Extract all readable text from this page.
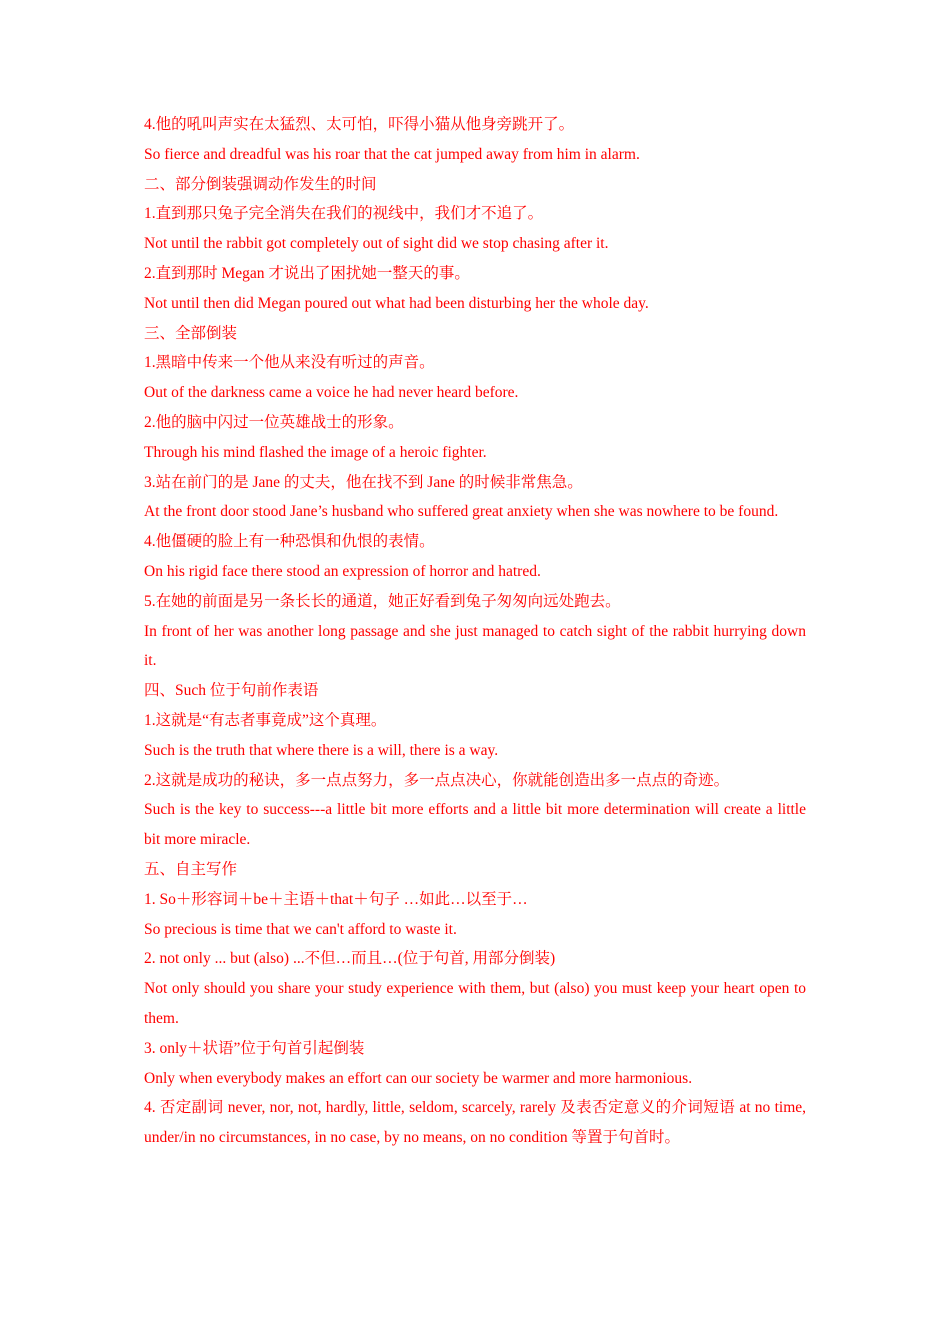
4.他的吼叫声实在太猛烈、太可怕，吓得小猫从他身旁跳开了。
So fierce and dreadful was his roar that the cat jumped away from him in alarm.
二、部分倒装强调动作发生的时间
1.直到那只兔子完全消失在我们的视线中，我们才不追了。
Not until the rabbit got completely out of sight did we stop chasing after it.
2.直到那时 Megan 才说出了困扰她一整天的事。
Not until then did Megan poured out what had been disturbing her the whole day.
三、全部倒装
1.黑暗中传来一个他从来没有听过的声音。
Out of the darkness came a voice he had never heard before.
2.他的脑中闪过一位英雄战士的形象。
Through his mind flashed the image of a heroic fighter.
3.站在前门的是 Jane 的丈夫，他在找不到 Jane 的时候非常焦急。
At the front door stood Jane’s husband who suffered great anxiety when she was nowhere to be found.
4.他僵硬的脸上有一种恐惧和仇恨的表情。
On his rigid face there stood an expression of horror and hatred.
5.在她的前面是另一条长长的通道，她正好看到兔子匆匆向远处跑去。
In front of her was another long passage and she just managed to catch sight of the rabbit hurrying down it.
四、Such 位于句前作表语
1.这就是“有志者事竟成”这个真理。
Such is the truth that where there is a will, there is a way.
2.这就是成功的秘诀，多一点点努力，多一点点决心，你就能创造出多一点点的奇迹。
Such is the key to success---a little bit more efforts and a little bit more determination will create a little bit more miracle.
五、自主写作
1. So＋形容词＋be＋主语＋that＋句子 …如此…以至于…
So precious is time that we can't afford to waste it.
2. not only ... but (also) ...不但…而且…(位于句首, 用部分倒装)
Not only should you share your study experience with them, but (also) you must keep your heart open to them.
3. only＋状语”位于句首引起倒装
Only when everybody makes an effort can our society be warmer and more harmonious.
4. 否定副词 never, nor, not, hardly, little, seldom, scarcely, rarely 及表否定意义的介词短语 at no time, under/in no circumstances, in no case, by no means, on no condition 等置于句首时。
